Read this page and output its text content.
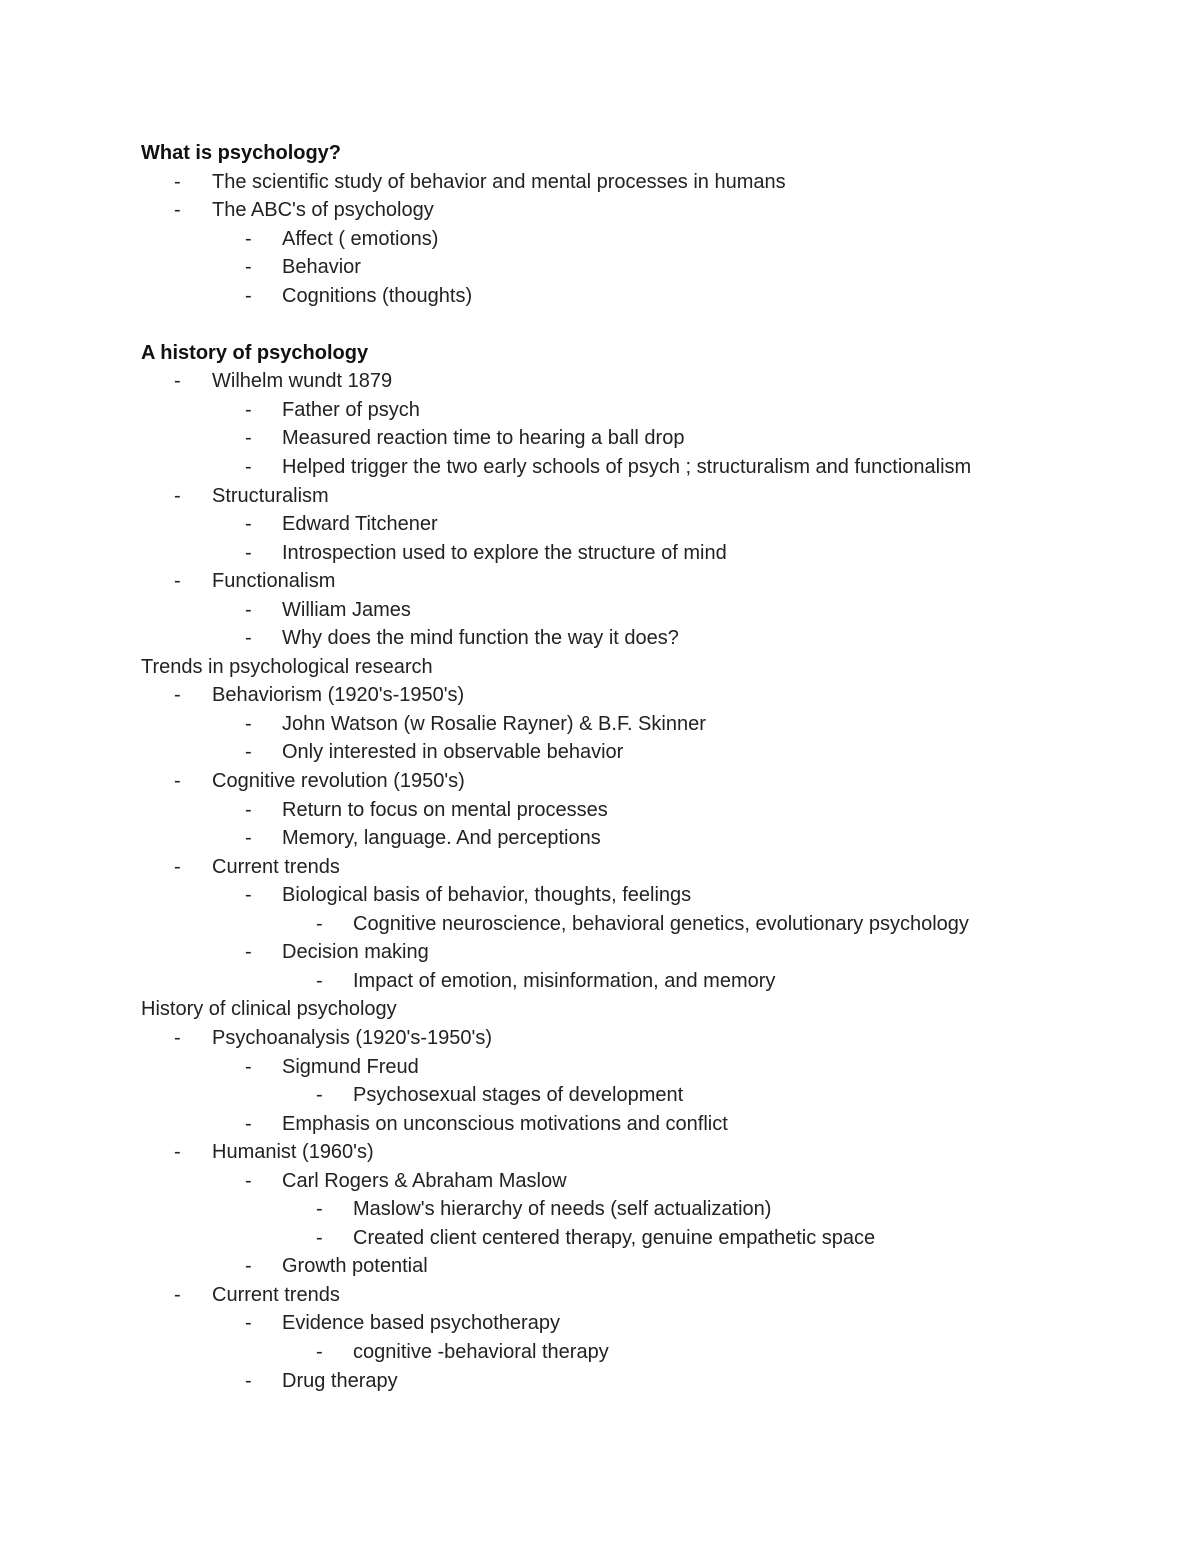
What is psychology?
-	The scientific study of behavior and mental processes in humans
-	The ABC's of psychology
-	Affect ( emotions)
-	Behavior
-	Cognitions (thoughts)
A history of psychology
-	Wilhelm wundt 1879
-	Father of psych
-	Measured reaction time to hearing a ball drop
-	Helped trigger the two early schools of psych ; structuralism and functionalism
-	Structuralism
-	Edward Titchener
-	Introspection used to explore the structure of mind
-	Functionalism
-	William James
-	Why does the mind function the way it does?
Trends in psychological research
-	Behaviorism (1920's-1950's)
-	John Watson (w Rosalie Rayner) & B.F. Skinner
-	Only interested in observable behavior
-	Cognitive revolution (1950's)
-	Return to focus on mental processes
-	Memory, language. And perceptions
-	Current trends
-	Biological basis of behavior, thoughts, feelings
-	Cognitive neuroscience, behavioral genetics, evolutionary psychology
-	Decision making
-	Impact of emotion, misinformation, and memory
History of clinical psychology
-	Psychoanalysis (1920's-1950's)
-	Sigmund Freud
-	Psychosexual stages of development
-	Emphasis on unconscious motivations and conflict
-	Humanist (1960's)
-	Carl Rogers & Abraham Maslow
-	Maslow's hierarchy of needs (self actualization)
-	Created client centered therapy, genuine empathetic space
-	Growth potential
-	Current trends
-	Evidence based psychotherapy
-	cognitive -behavioral therapy
-	Drug therapy
